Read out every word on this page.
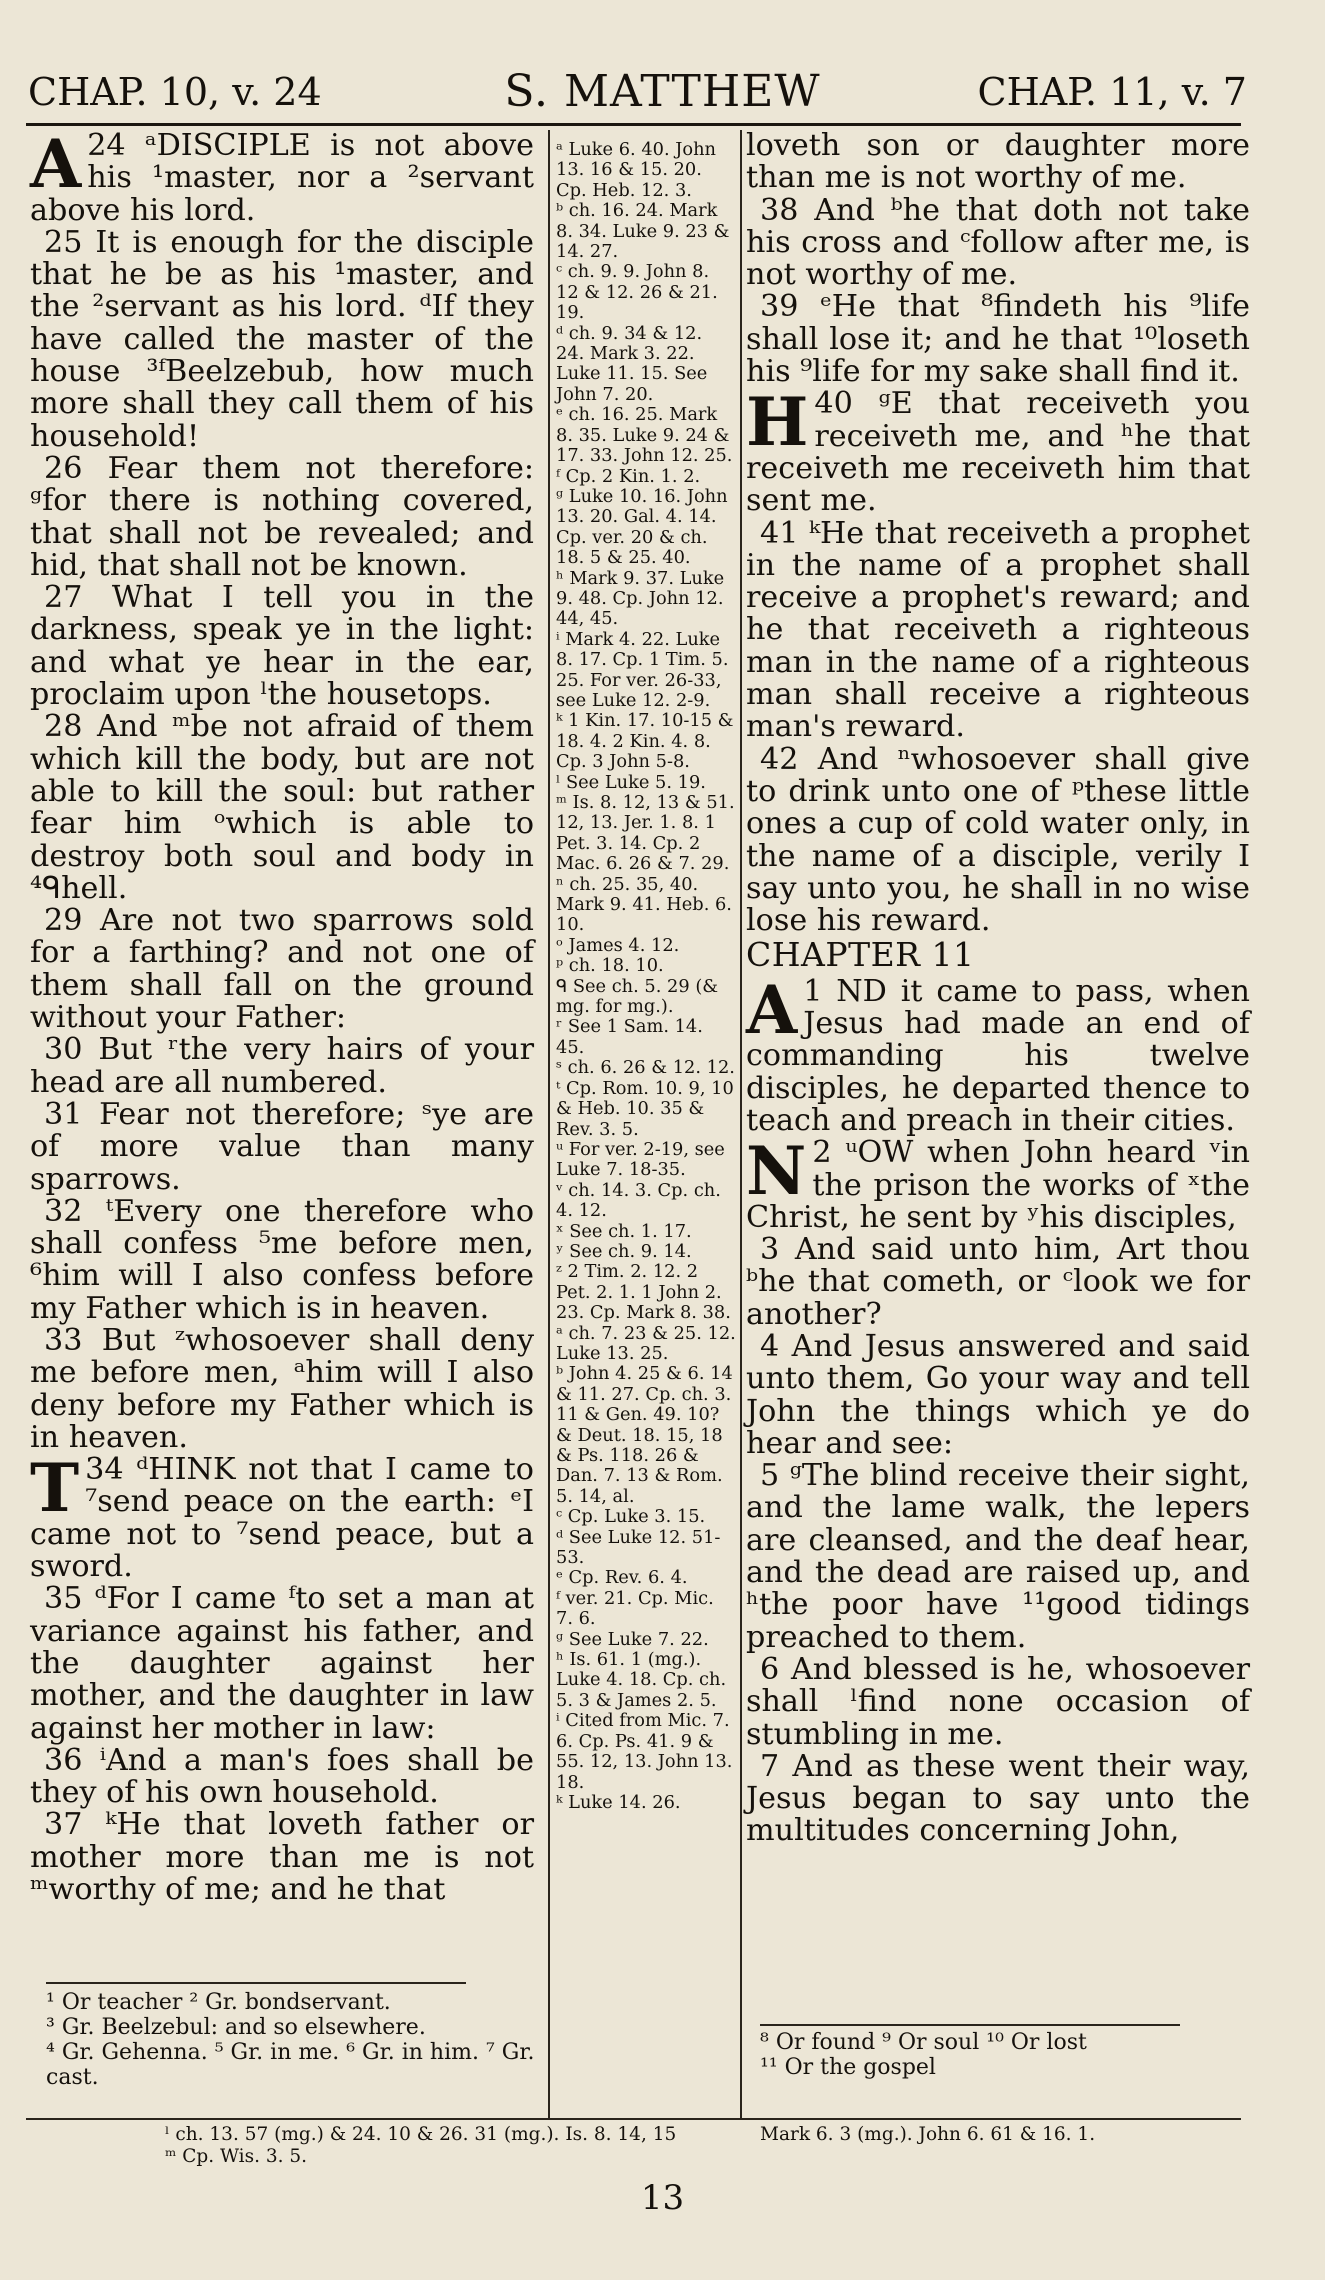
CHAP. 10, v. 24	S. MATTHEW	CHAP. 11, v. 7

24 ᵃ
A DISCIPLE is not above his ¹master, nor a ²servant above his lord.

25 It is enough for the disciple that he be as his ¹master, and the ²servant as his lord. ᵈIf they have called the master of the house ³ᶠBeelzebub, how much more shall they call them of his household!

26 Fear them not therefore: ᵍfor there is nothing covered, that shall not be revealed; and hid, that shall not be known.

27 What I tell you in the darkness, speak ye in the light: and what ye hear in the ear, proclaim upon ˡthe housetops.

28 And ᵐbe not afraid of them which kill the body, but are not able to kill the soul: but rather fear him ᵒwhich is able to destroy both soul and body in ⁴ᑫhell.

29 Are not two sparrows sold for a farthing? and not one of them shall fall on the ground without your Father:

30 But ʳthe very hairs of your head are all numbered.

31 Fear not therefore; ˢye are of more value than many sparrows.

32 ᵗEvery one therefore who shall confess ⁵me before men, ⁶him will I also confess before my Father which is in heaven.

33 But ᶻwhosoever shall deny me before men, ᵃhim will I also deny before my Father which is in heaven.

34 ᵈ
T HINK not that I came to ⁷send peace on the earth: ᵉI came not to ⁷send peace, but a sword.

35 ᵈFor I came ᶠto set a man at variance against his father, and the daughter against her mother, and the daughter in law against her mother in law:

36 ⁱAnd a man's foes shall be they of his own household.

37 ᵏHe that loveth father or mother more than me is not ᵐworthy of me; and he that

ᵃ Luke 6. 40. John 13. 16 & 15. 20. Cp. Heb. 12. 3.
ᵇ ch. 16. 24. Mark 8. 34. Luke 9. 23 & 14. 27.
ᶜ ch. 9. 9. John 8. 12 & 12. 26 & 21. 19.
ᵈ ch. 9. 34 & 12. 24. Mark 3. 22. Luke 11. 15. See John 7. 20.
ᵉ ch. 16. 25. Mark 8. 35. Luke 9. 24 & 17. 33. John 12. 25.
ᶠ Cp. 2 Kin. 1. 2.
ᵍ Luke 10. 16. John 13. 20. Gal. 4. 14. Cp. ver. 20 & ch. 18. 5 & 25. 40.
ʰ Mark 9. 37. Luke 9. 48. Cp. John 12. 44, 45.
ⁱ Mark 4. 22. Luke 8. 17. Cp. 1 Tim. 5. 25. For ver. 26-33, see Luke 12. 2-9.
ᵏ 1 Kin. 17. 10-15 & 18. 4. 2 Kin. 4. 8. Cp. 3 John 5-8.
ˡ See Luke 5. 19.
ᵐ Is. 8. 12, 13 & 51. 12, 13. Jer. 1. 8. 1 Pet. 3. 14. Cp. 2 Mac. 6. 26 & 7. 29.
ⁿ ch. 25. 35, 40. Mark 9. 41. Heb. 6. 10.
ᵒ James 4. 12.
ᵖ ch. 18. 10.
ᑫ See ch. 5. 29 (& mg. for mg.).
ʳ See 1 Sam. 14. 45.
ˢ ch. 6. 26 & 12. 12.
ᵗ Cp. Rom. 10. 9, 10 & Heb. 10. 35 & Rev. 3. 5.
ᵘ For ver. 2-19, see Luke 7. 18-35.
ᵛ ch. 14. 3. Cp. ch. 4. 12.
ˣ See ch. 1. 17.
ʸ See ch. 9. 14.
ᶻ 2 Tim. 2. 12. 2 Pet. 2. 1. 1 John 2. 23. Cp. Mark 8. 38.
ᵃ ch. 7. 23 & 25. 12. Luke 13. 25.
ᵇ John 4. 25 & 6. 14 & 11. 27. Cp. ch. 3. 11 & Gen. 49. 10? & Deut. 18. 15, 18 & Ps. 118. 26 & Dan. 7. 13 & Rom. 5. 14, al.
ᶜ Cp. Luke 3. 15.
ᵈ See Luke 12. 51-53.
ᵉ Cp. Rev. 6. 4.
ᶠ ver. 21. Cp. Mic. 7. 6.
ᵍ See Luke 7. 22.
ʰ Is. 61. 1 (mg.). Luke 4. 18. Cp. ch. 5. 3 & James 2. 5.
ⁱ Cited from Mic. 7. 6. Cp. Ps. 41. 9 & 55. 12, 13. John 13. 18.
ᵏ Luke 14. 26.

loveth son or daughter more than me is not worthy of me.

38 And ᵇhe that doth not take his cross and ᶜfollow after me, is not worthy of me.

39 ᵉHe that ⁸findeth his ⁹life shall lose it; and he that ¹⁰loseth his ⁹life for my sake shall find it.

40 ᵍ
H	E that receiveth you receiveth me, and ʰhe that receiveth me receiveth him that sent me.

41 ᵏHe that receiveth a prophet in the name of a prophet shall receive a prophet's reward; and he that receiveth a righteous man in the name of a righteous man shall receive a righteous man's reward.

42 And ⁿwhosoever shall give to drink unto one of ᵖthese little ones a cup of cold water only, in the name of a disciple, verily I say unto you, he shall in no wise lose his reward.

CHAPTER 11

1
A ND it came to pass, when Jesus had made an end of commanding his twelve disciples, he departed thence to teach and preach in their cities.

2 ᵘ
N OW when John heard ᵛin the prison the works of ˣthe Christ, he sent by ʸhis disciples,

3 And said unto him, Art thou ᵇhe that cometh, or ᶜlook we for another?

4 And Jesus answered and said unto them, Go your way and tell John the things which ye do hear and see:

5 ᵍThe blind receive their sight, and the lame walk, the lepers are cleansed, and the deaf hear, and the dead are raised up, and ʰthe poor have ¹¹good tidings preached to them.

6 And blessed is he, whosoever shall ˡfind none occasion of stumbling in me.

7 And as these went their way, Jesus began to say unto the multitudes concerning John,

¹ Or teacher ² Gr. bondservant.
³ Gr. Beelzebul: and so elsewhere.
⁴ Gr. Gehenna. ⁵ Gr. in me. ⁶ Gr. in him. ⁷ Gr. cast.
⁸ Or found ⁹ Or soul ¹⁰ Or lost
¹¹ Or the gospel
ˡ ch. 13. 57 (mg.) & 24. 10 & 26. 31 (mg.). Is. 8. 14, 15
ᵐ Cp. Wis. 3. 5.
Mark 6. 3 (mg.). John 6. 61 & 16. 1.
13
